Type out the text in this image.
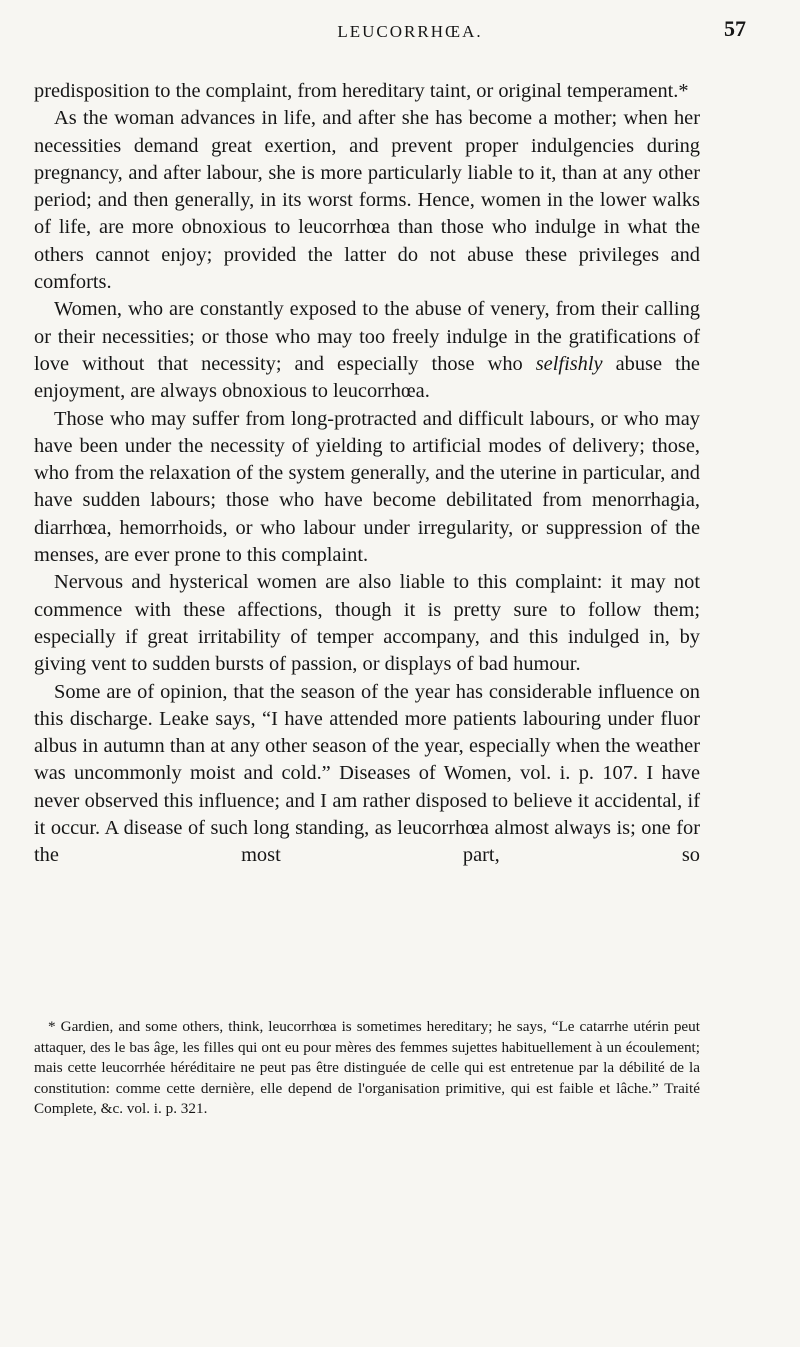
LEUCORRHŒA.	57

predisposition to the complaint, from hereditary taint, or original temperament.*

As the woman advances in life, and after she has become a mother; when her necessities demand great exertion, and prevent proper indulgencies during pregnancy, and after labour, she is more particularly liable to it, than at any other period; and then generally, in its worst forms. Hence, women in the lower walks of life, are more obnoxious to leucorrhœa than those who indulge in what the others cannot enjoy; provided the latter do not abuse these privileges and comforts.

Women, who are constantly exposed to the abuse of venery, from their calling or their necessities; or those who may too freely indulge in the gratifications of love without that necessity; and especially those who selfishly abuse the enjoyment, are always obnoxious to leucorrhœa.

Those who may suffer from long-protracted and difficult labours, or who may have been under the necessity of yielding to artificial modes of delivery; those, who from the relaxation of the system generally, and the uterine in particular, and have sudden labours; those who have become debilitated from menorrhagia, diarrhœa, hemorrhoids, or who labour under irregularity, or suppression of the menses, are ever prone to this complaint.

Nervous and hysterical women are also liable to this complaint: it may not commence with these affections, though it is pretty sure to follow them; especially if great irritability of temper accompany, and this indulged in, by giving vent to sudden bursts of passion, or displays of bad humour.

Some are of opinion, that the season of the year has considerable influence on this discharge. Leake says, “I have attended more patients labouring under fluor albus in autumn than at any other season of the year, especially when the weather was uncommonly moist and cold.” Diseases of Women, vol. i. p. 107. I have never observed this influence; and I am rather disposed to believe it accidental, if it occur. A disease of such long standing, as leucorrhœa almost always is; one for the most part, so

* Gardien, and some others, think, leucorrhœa is sometimes hereditary; he says, “Le catarrhe utérin peut attaquer, des le bas âge, les filles qui ont eu pour mères des femmes sujettes habituellement à un écoulement; mais cette leucorrhée héréditaire ne peut pas être distinguée de celle qui est entretenue par la débilité de la constitution: comme cette dernière, elle depend de l'organisation primitive, qui est faible et lâche.” Traité Complete, &c. vol. i. p. 321.
